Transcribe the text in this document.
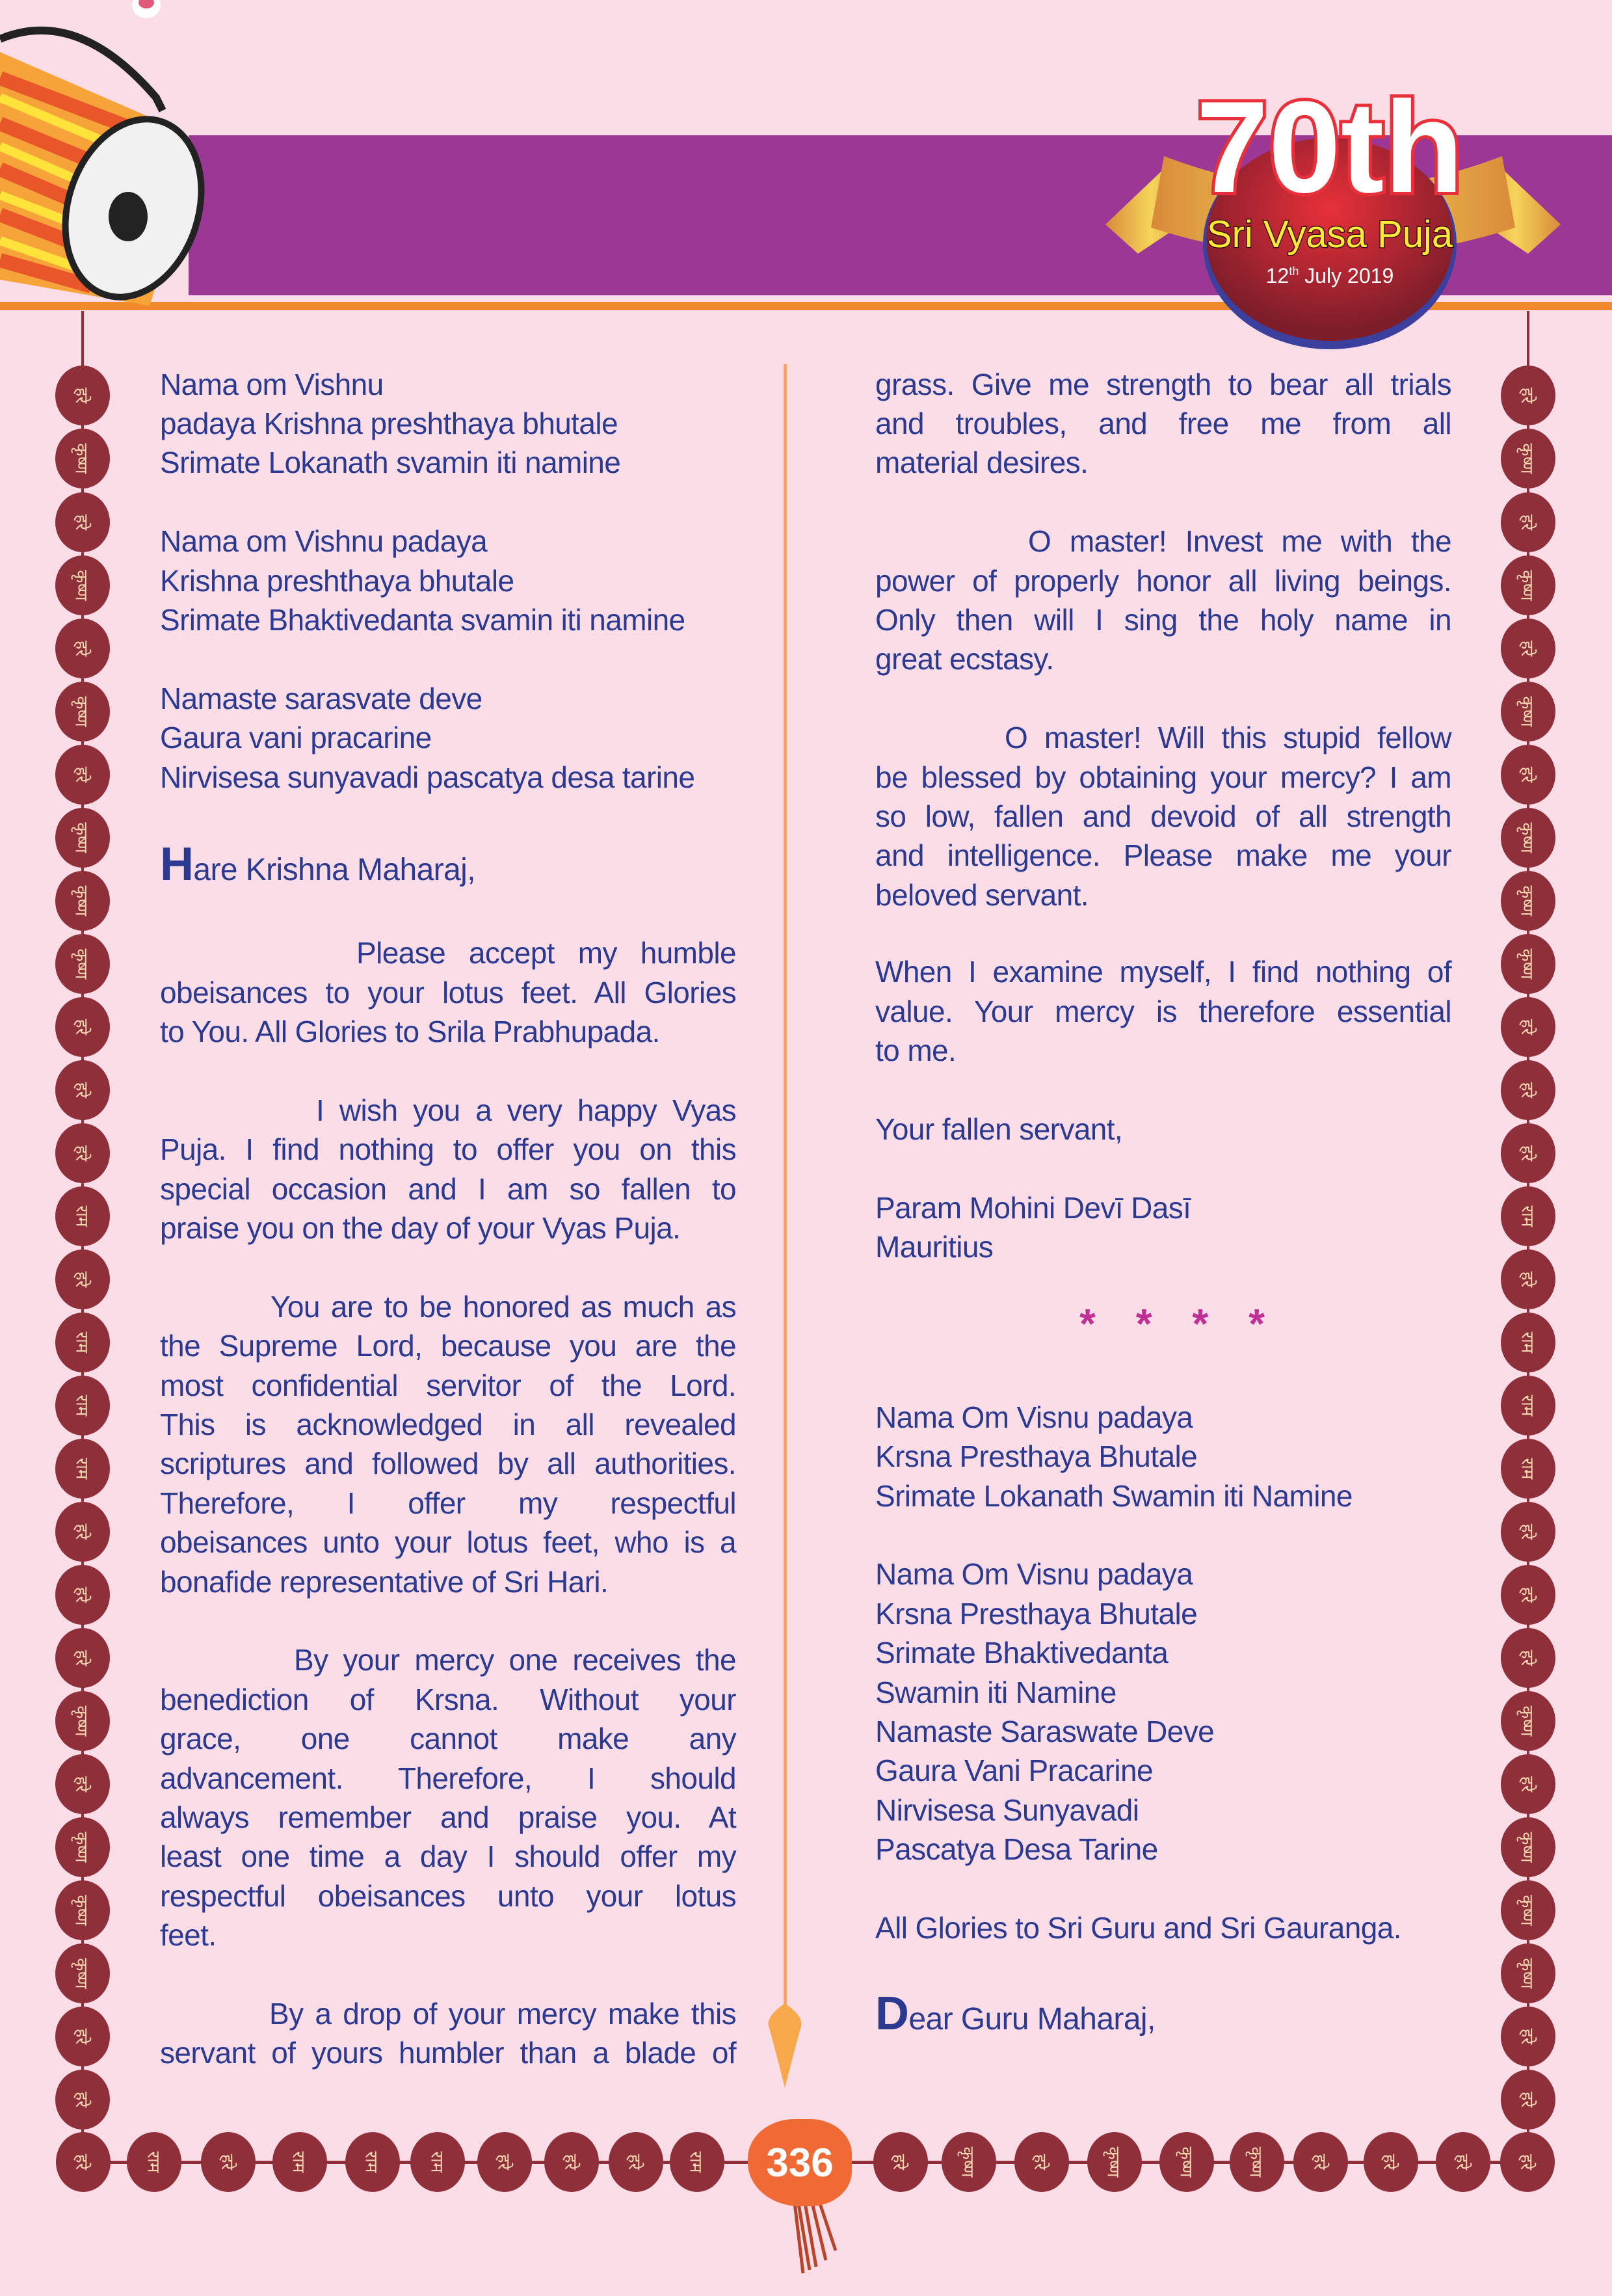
70th
Sri Vyasa Puja
12th July 2019
Nama om Vishnu
padaya Krishna preshthaya bhutale
Srimate Lokanath svamin iti namine
Nama om Vishnu padaya
Krishna preshthaya bhutale
Srimate Bhaktivedanta svamin iti namine
Namaste sarasvate deve
Gaura vani pracarine
Nirvisesa sunyavadi pascatya desa tarine
Please accept my humble
obeisances to your lotus feet. All Glories
to You. All Glories to Srila Prabhupada.
I wish you a very happy Vyas
Puja. I find nothing to offer you on this
special occasion and I am so fallen to
praise you on the day of your Vyas Puja.
You are to be honored as much as
the Supreme Lord, because you are the
most confidential servitor of the Lord.
This is acknowledged in all revealed
scriptures and followed by all authorities.
Therefore, I offer my respectful
obeisances unto your lotus feet, who is a
bonafide representative of Sri Hari.
By your mercy one receives the
benediction of Krsna. Without your
grace, one cannot make any
advancement. Therefore, I should
always remember and praise you. At
least one time a day I should offer my
respectful obeisances unto your lotus
feet.
By a drop of your mercy make this
servant of yours humbler than a blade of
Hare Krishna Maharaj,
grass. Give me strength to bear all trials
and troubles, and free me from all
material desires.
O master! Invest me with the
power of properly honor all living beings.
Only then will I sing the holy name in
great ecstasy.
O master! Will this stupid fellow
be blessed by obtaining your mercy? I am
so low, fallen and devoid of all strength
and intelligence. Please make me your
beloved servant.
When I examine myself, I find nothing of
value. Your mercy is therefore essential
to me.
Your fallen servant,
Param Mohini Devī Dasī
Mauritius
Nama Om Visnu padaya
Krsna Presthaya Bhutale
Srimate Lokanath Swamin iti Namine
Nama Om Visnu padaya
Krsna Presthaya Bhutale
Srimate Bhaktivedanta
Swamin iti Namine
Namaste Saraswate Deve
Gaura Vani Pracarine
Nirvisesa Sunyavadi
Pascatya Desa Tarine
All Glories to Sri Guru and Sri Gauranga.
Dear Guru Maharaj,
* * * *
हरे
कृष्ण
हरे
कृष्ण
हरे
कृष्ण
हरे
कृष्ण
कृष्ण
कृष्ण
हरे
हरे
हरे
राम
हरे
राम
राम
राम
हरे
हरे
हरे
कृष्ण
हरे
कृष्ण
कृष्ण
कृष्ण
हरे
हरे
हरे
कृष्ण
हरे
कृष्ण
हरे
कृष्ण
हरे
कृष्ण
कृष्ण
कृष्ण
हरे
हरे
हरे
राम
हरे
राम
राम
राम
हरे
हरे
हरे
कृष्ण
हरे
कृष्ण
कृष्ण
कृष्ण
हरे
हरे
हरे	राम	हरे	राम	राम	राम	हरे	हरे	हरे राम	हरे	कृष्ण	हरे	कृष्ण	कृष्ण	कृष्ण	हरे	हरे	हरे	हरे
336
